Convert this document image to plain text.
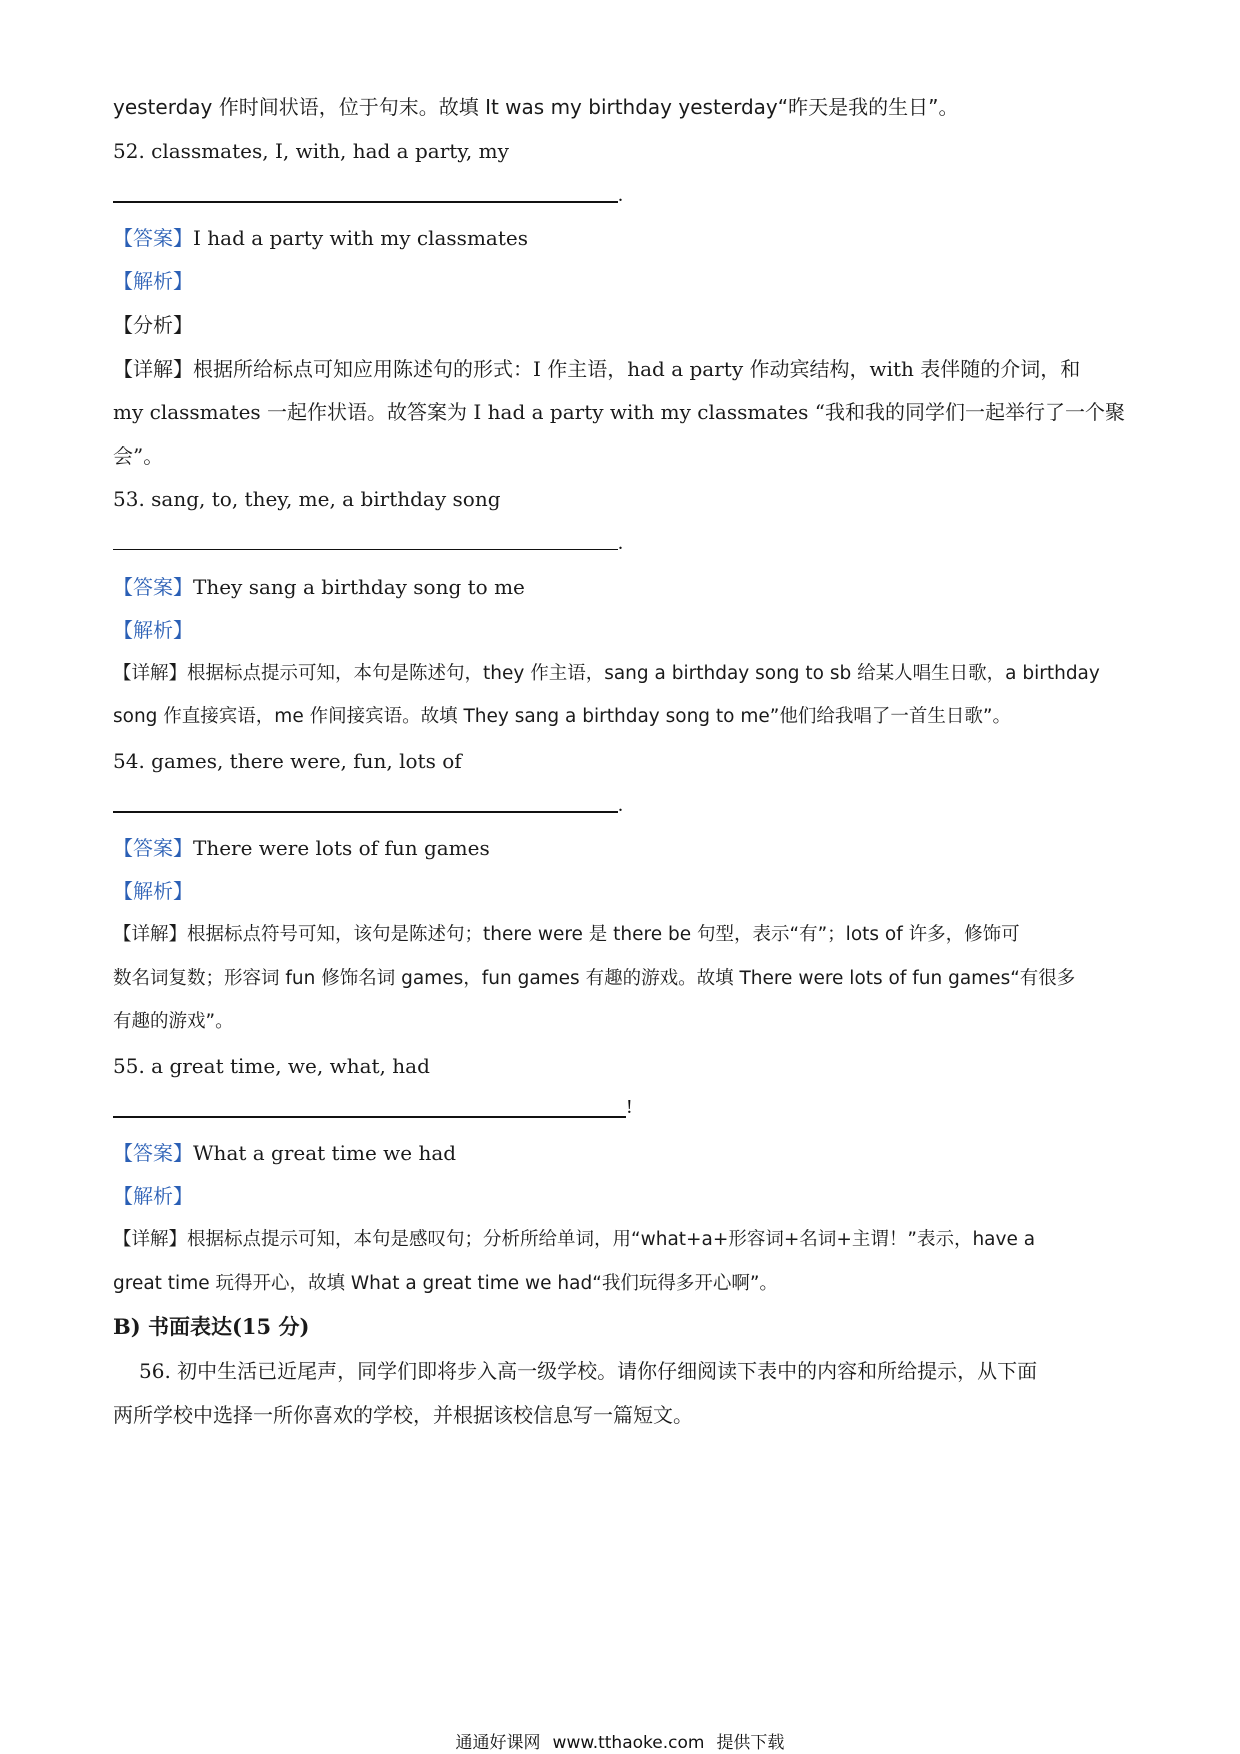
yesterday 作时间状语，位于句末。故填 It was my birthday yesterday“昨天是我的生日”。
52. classmates, I, with, had a party, my
.
【答案】I had a party with my classmates
【解析】
【分析】
【详解】根据所给标点可知应用陈述句的形式：I 作主语，had a party 作动宾结构，with 表伴随的介词，和
my classmates 一起作状语。故答案为 I had a party with my classmates “我和我的同学们一起举行了一个聚
会”。
53. sang, to, they, me, a birthday song
.
【答案】They sang a birthday song to me
【解析】
【详解】根据标点提示可知，本句是陈述句，they 作主语，sang a birthday song to sb 给某人唱生日歌，a birthday
song 作直接宾语，me 作间接宾语。故填 They sang a birthday song to me”他们给我唱了一首生日歌”。
54. games, there were, fun, lots of
.
【答案】There were lots of fun games
【解析】
【详解】根据标点符号可知，该句是陈述句；there were 是 there be 句型，表示“有”；lots of 许多，修饰可
数名词复数；形容词 fun 修饰名词 games，fun games 有趣的游戏。故填 There were lots of fun games“有很多
有趣的游戏”。
55. a great time, we, what, had
!
【答案】What a great time we had
【解析】
【详解】根据标点提示可知，本句是感叹句；分析所给单词，用“what+a+形容词+名词+主谓！”表示，have a
great time 玩得开心，故填 What a great time we had“我们玩得多开心啊”。
B) 书面表达(15 分)
56. 初中生活已近尾声，同学们即将步入高一级学校。请你仔细阅读下表中的内容和所给提示，从下面
两所学校中选择一所你喜欢的学校，并根据该校信息写一篇短文。
通通好课网 www.tthaoke.com 提供下载
